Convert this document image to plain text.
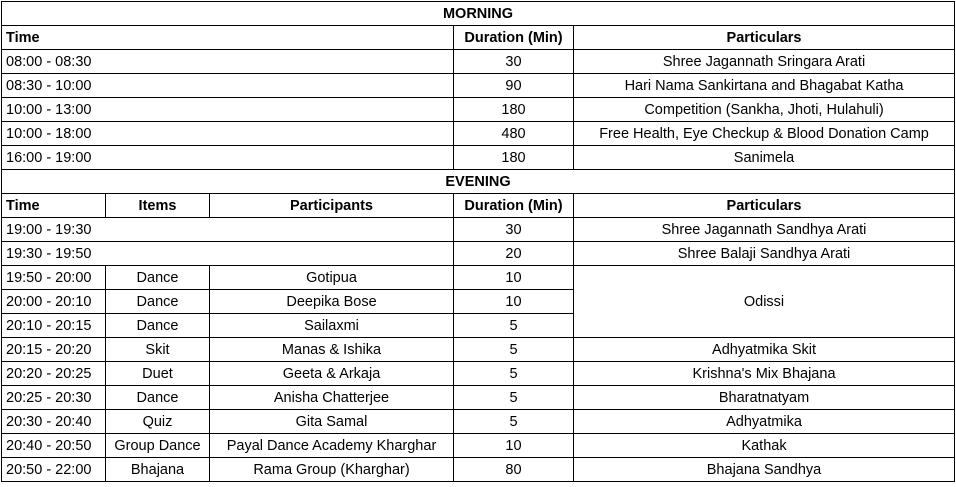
MORNING				
Time			Duration (Min)	Particulars
08:00 - 08:30			30	Shree Jagannath Sringara Arati
08:30 - 10:00			90	Hari Nama Sankirtana and Bhagabat Katha
10:00 - 13:00			180	Competition (Sankha, Jhoti, Hulahuli)
10:00 - 18:00			480	Free Health, Eye Checkup & Blood Donation Camp
16:00 - 19:00			180	Sanimela
EVENING				
Time	Items	Participants	Duration (Min)	Particulars
19:00 - 19:30			30	Shree Jagannath Sandhya Arati
19:30 - 19:50			20	Shree Balaji Sandhya Arati
19:50 - 20:00	Dance	Gotipua	10	Odissi
20:00 - 20:10	Dance	Deepika Bose	10	
20:10 - 20:15	Dance	Sailaxmi	5	
20:15 - 20:20	Skit	Manas & Ishika	5	Adhyatmika Skit
20:20 - 20:25	Duet	Geeta & Arkaja	5	Krishna's Mix Bhajana
20:25 - 20:30	Dance	Anisha Chatterjee	5	Bharatnatyam
20:30 - 20:40	Quiz	Gita Samal	5	Adhyatmika
20:40 - 20:50	Group Dance	Payal Dance Academy Kharghar	10	Kathak
20:50 - 22:00	Bhajana	Rama Group (Kharghar)	80	Bhajana Sandhya
